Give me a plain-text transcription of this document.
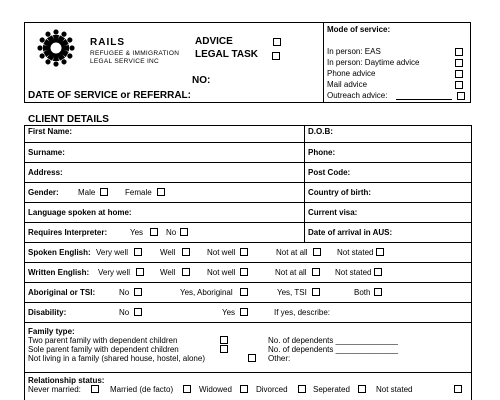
RAILS
REFUGEE & IMMIGRATION
LEGAL SERVICE INC
ADVICE
LEGAL TASK
NO:
DATE OF SERVICE or REFERRAL:
Mode of service:
In person: EAS
In person: Daytime advice
Phone advice
Mail advice
Outreach advice:
CLIENT DETAILS
First Name:	D.O.B:
Surname:	Phone:
Address:	Post Code:
Gender: Male	Female	Country of birth:
Language spoken at home:	Current visa:
Requires Interpreter:	Yes	No	Date of arrival in AUS:
Spoken English: Very well	Well	Not well	Not at all	Not stated
Written English: Very well	Well	Not well	Not at all	Not stated
Aboriginal or TSI:	No	Yes, Aboriginal	Yes, TSI	Both
Disability:	No	Yes	If yes, describe:
Family type:
Two parent family with dependent children
Sole parent family with dependent children
Not living in a family (shared house, hostel, alone)
No. of dependents ______________
No. of dependents ______________
Other:
Relationship status:
Never married:	Married (de facto)	Widowed	Divorced	Seperated	Not stated
